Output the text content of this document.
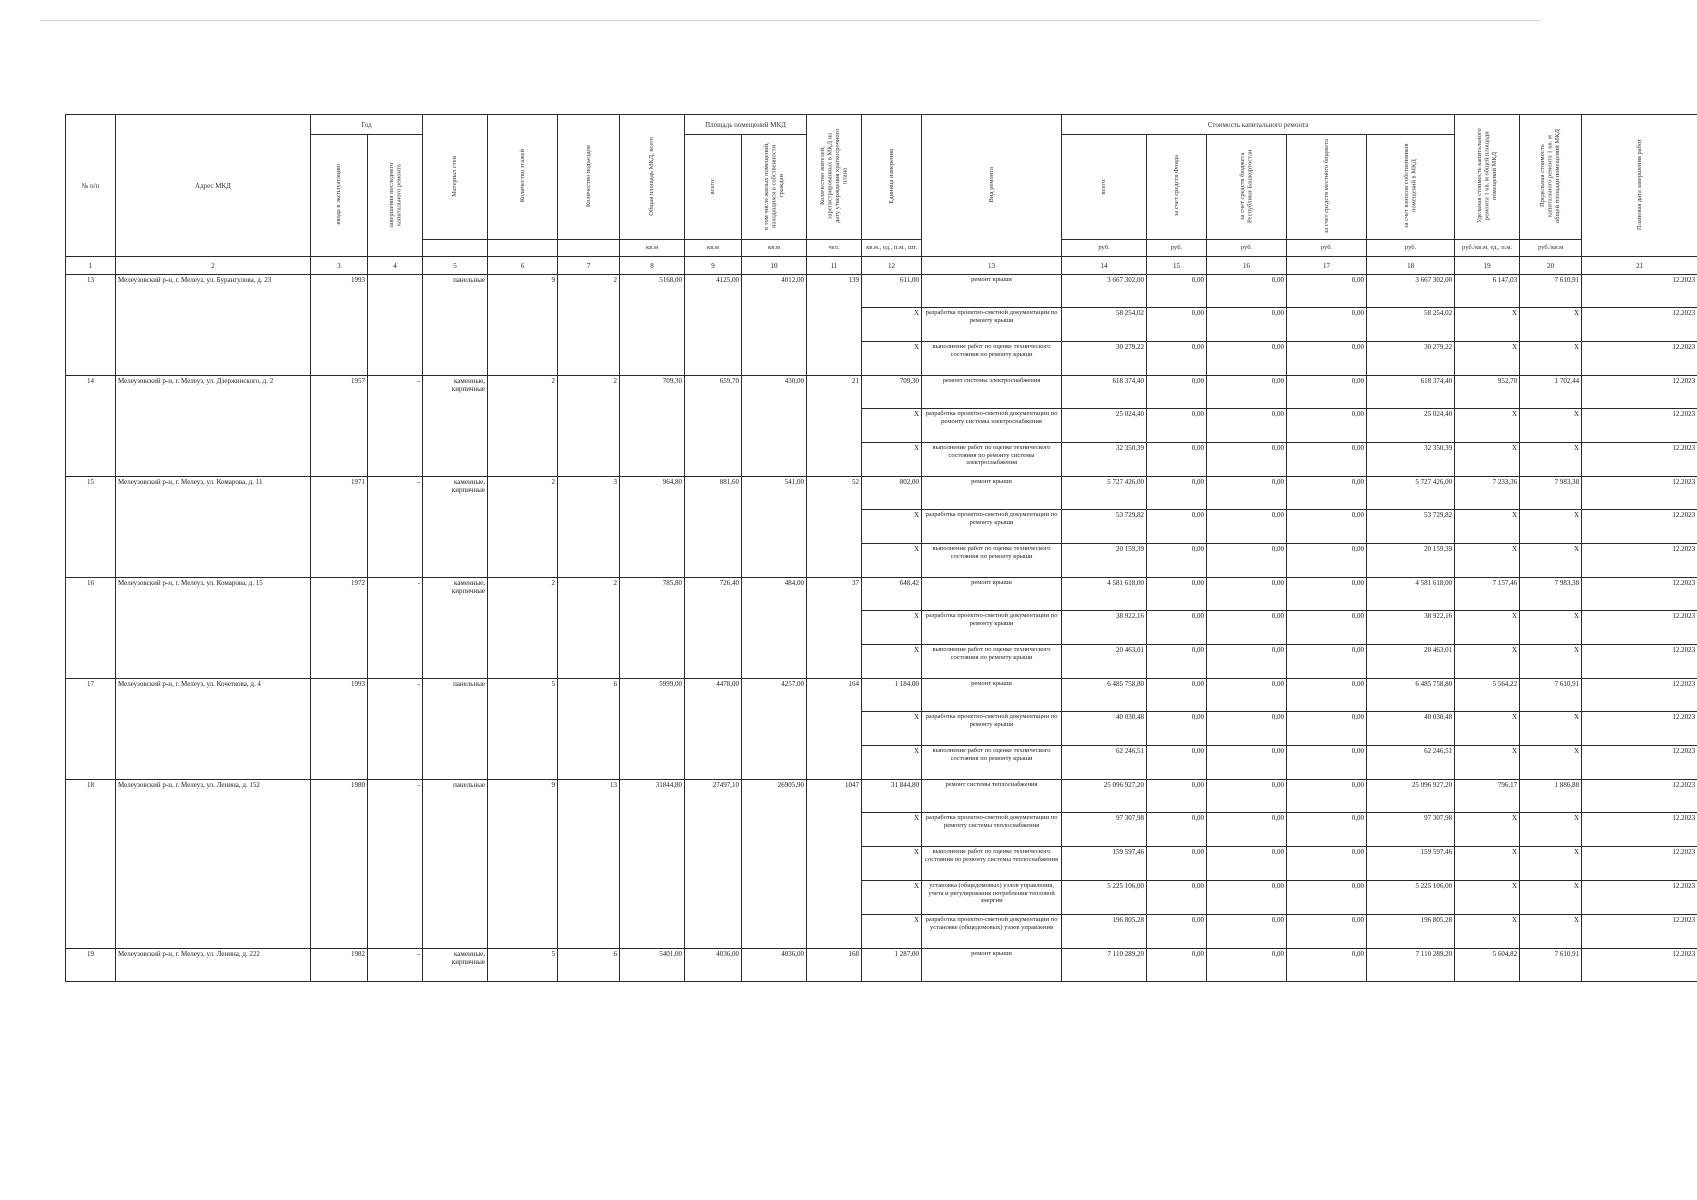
№ п/п	Адрес МКД	Год		Материал стен	Количество этажей	Количество подъездов	Общая площадь МКД, всего	Площадь помещений МКД		Количество жителей, зарегистрированных в МКД на дату утверждения краткосрочного плана	Единица измерения	Вид ремонта	Стоимость капитального ремонта					Удельная стоимость капитального ремонта 1 кв. м общей площади помещений МКД	Предельная стоимость капитального ремонта 1 кв. м общей площади помещений МКД	Плановая дата завершения работ
		ввода в эксплуатацию	завершения последнего капитального ремонта					всего:	в том числе жилых помещений, находящихся в собственности граждан				всего:	за счет средств Фонда	за счет средств бюджета Республики Башкортостан	за счет средств местного бюджета	за счет взносов собственников помещений в МКД			
							кв.м	кв.м	кв.м	чел.	кв.м., ед., п.м., шт.		руб.	руб.	руб.	руб.	руб.	руб./кв.м, ед., п.м.	руб./кв.м	
1	2	3	4	5	6	7	8	9	10	11	12	13	14	15	16	17	18	19	20	21
13	Мелеузовский р-н, г. Мелеуз, ул. Бурангулова, д. 23	1993		панельные	9	2	5168,00	4125,00	4012,00	139	611,00	ремонт крыши	3 667 302,00	0,00	0,00	0,00	3 667 302,00	6 147,03	7 610,91	12.2023
											X	разработка проектно-сметной документации по ремонту крыши	58 254,02	0,00	0,00	0,00	58 254,02	X	X	12.2023
											X	выполнение работ по оценке технического состояния по ремонту крыши	30 279,22	0,00	0,00	0,00	30 279,22	X	X	12.2023
14	Мелеузовский р-н, г. Мелеуз, ул. Дзержинского, д. 2	1957	-	каменные, кирпичные	2	2	709,30	659,70	430,00	21	709,30	ремонт системы электроснабжения	618 374,40	0,00	0,00	0,00	618 374,40	952,70	1 702,44	12.2023
											X	разработка проектно-сметной документации по ремонту системы электроснабжения	25 024,40	0,00	0,00	0,00	25 024,40	X	X	12.2023
											X	выполнение работ по оценке технического состояния по ремонту системы электроснабжения	32 350,39	0,00	0,00	0,00	32 350,39	X	X	12.2023
15	Мелеузовский р-н, г. Мелеуз, ул. Комарова, д. 11	1971	-	каменные, кирпичные	2	3	964,80	881,60	541,00	52	802,00	ремонт крыши	5 727 426,00	0,00	0,00	0,00	5 727 426,00	7 233,36	7 983,38	12.2023
											X	разработка проектно-сметной документации по ремонту крыши	53 729,82	0,00	0,00	0,00	53 729,82	X	X	12.2023
											X	выполнение работ по оценке технического состояния по ремонту крыши	20 159,39	0,00	0,00	0,00	20 159,39	X	X	12.2023
16	Мелеузовский р-н, г. Мелеуз, ул. Комарова, д. 15	1972	-	каменные, кирпичные	2	2	785,80	726,40	484,00	37	648,42	ремонт крыши	4 581 618,00	0,00	0,00	0,00	4 581 618,00	7 157,46	7 983,38	12.2023
											X	разработка проектно-сметной документации по ремонту крыши	38 922,16	0,00	0,00	0,00	38 922,16	X	X	12.2023
											X	выполнение работ по оценке технического состояния по ремонту крыши	20 463,01	0,00	0,00	0,00	20 463,01	X	X	12.2023
17	Мелеузовский р-н, г. Мелеуз, ул. Кочеткова, д. 4	1993	-	панельные	5	6	5999,00	4478,00	4257,00	164	1 184,00	ремонт крыши	6 485 758,80	0,00	0,00	0,00	6 485 758,80	5 564,22	7 610,91	12.2023
											X	разработка проектно-сметной документации по ремонту крыши	40 030,48	0,00	0,00	0,00	40 030,48	X	X	12.2023
											X	выполнение работ по оценке технического состояния по ремонту крыши	62 246,51	0,00	0,00	0,00	62 246,51	X	X	12.2023
18	Мелеузовский р-н, г. Мелеуз, ул. Ленина, д. 152	1980	-	панельные	9	13	31844,80	27497,10	26905,90	1047	31 844,80	ремонт системы теплоснабжения	25 096 927,20	0,00	0,00	0,00	25 096 927,20	796,17	1 886,88	12.2023
											X	разработка проектно-сметной документации по ремонту системы теплоснабжения	97 307,98	0,00	0,00	0,00	97 307,98	X	X	12.2023
											X	выполнение работ по оценке технического состояния по ремонту системы теплоснабжения	159 597,46	0,00	0,00	0,00	159 597,46	X	X	12.2023
											X	установка (общедомовых) узлов управления, учета и регулирования потребления тепловой энергии	5 225 106,00	0,00	0,00	0,00	5 225 106,00	X	X	12.2023
											X	разработка проектно-сметной документации по установке (общедомовых) узлов управления	196 805,28	0,00	0,00	0,00	196 805,28	X	X	12.2023
19	Мелеузовский р-н, г. Мелеуз, ул. Ленина, д. 222	1982	-	каменные, кирпичные	5	6	5401,00	4036,00	4036,00	168	1 287,00	ремонт крыши	7 110 289,20	0,00	0,00	0,00	7 110 289,20	5 604,82	7 610,91	12.2023
